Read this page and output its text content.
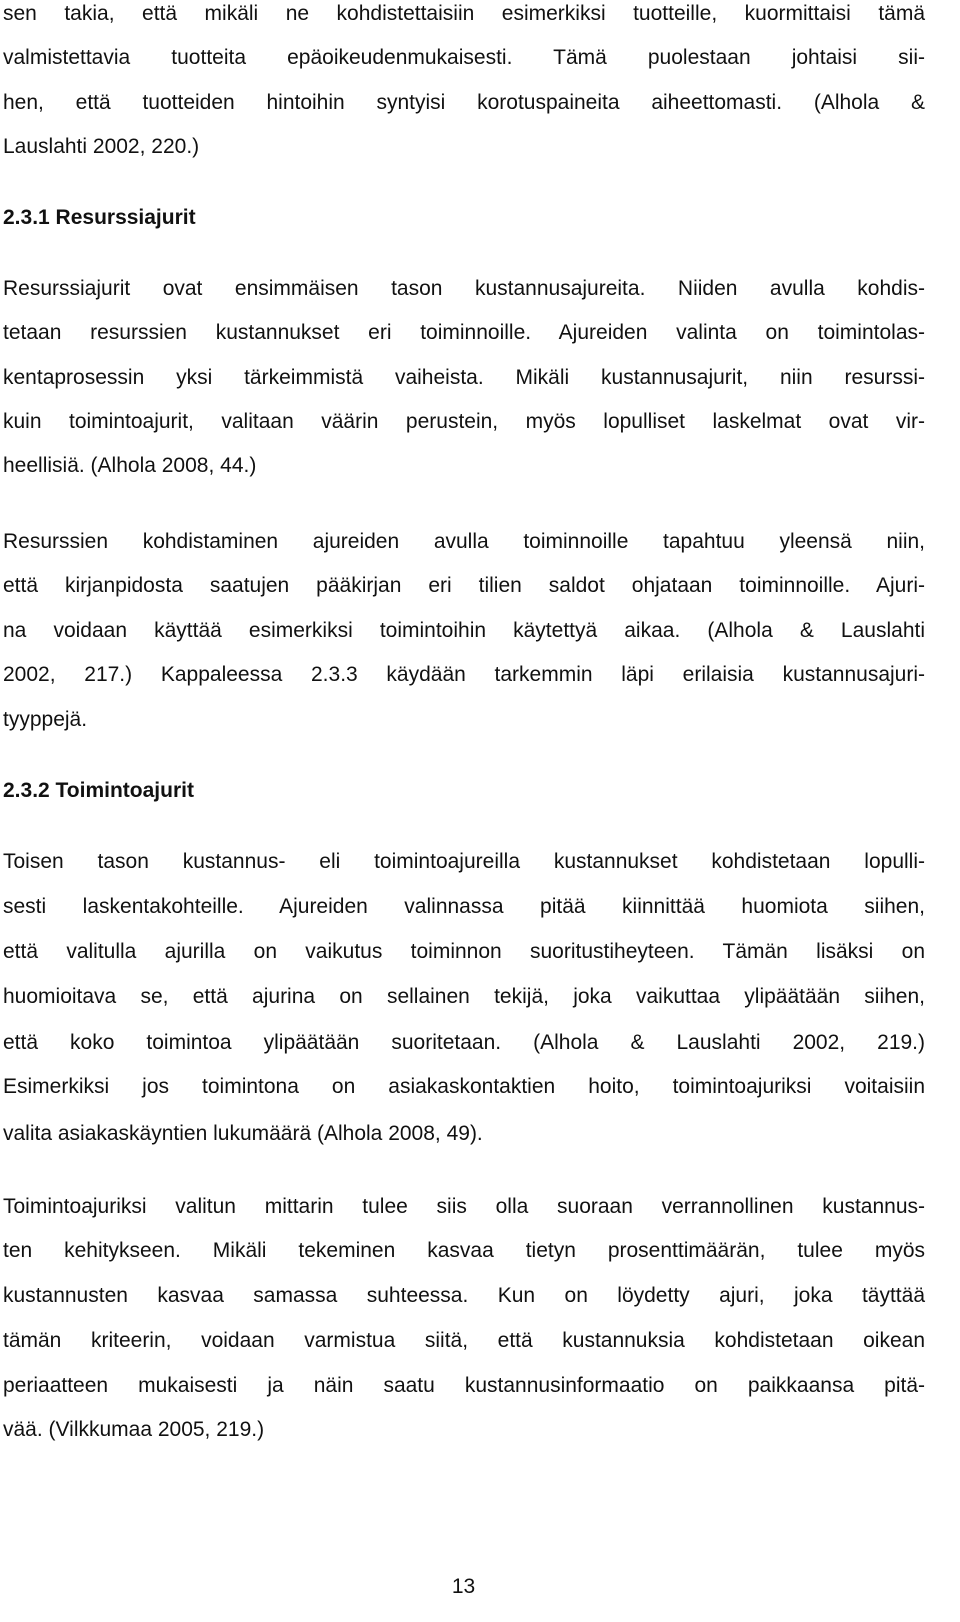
sen takia, että mikäli ne kohdistettaisiin esimerkiksi tuotteille, kuormittaisi tämä
valmistettavia tuotteita epäoikeudenmukaisesti. Tämä puolestaan johtaisi sii-
hen, että tuotteiden hintoihin syntyisi korotuspaineita aiheettomasti. (Alhola &
Lauslahti 2002, 220.)
2.3.1 Resurssiajurit
Resurssiajurit ovat ensimmäisen tason kustannusajureita. Niiden avulla kohdis-
tetaan resurssien kustannukset eri toiminnoille. Ajureiden valinta on toimintolas-
kentaprosessin yksi tärkeimmistä vaiheista. Mikäli kustannusajurit, niin resurssi-
kuin toimintoajurit, valitaan väärin perustein, myös lopulliset laskelmat ovat vir-
heellisiä. (Alhola 2008, 44.)
Resurssien kohdistaminen ajureiden avulla toiminnoille tapahtuu yleensä niin,
että kirjanpidosta saatujen pääkirjan eri tilien saldot ohjataan toiminnoille. Ajuri-
na voidaan käyttää esimerkiksi toimintoihin käytettyä aikaa. (Alhola & Lauslahti
2002, 217.) Kappaleessa 2.3.3 käydään tarkemmin läpi erilaisia kustannusajuri-
tyyppejä.
2.3.2 Toimintoajurit
Toisen tason kustannus- eli toimintoajureilla kustannukset kohdistetaan lopulli-
sesti laskentakohteille. Ajureiden valinnassa pitää kiinnittää huomiota siihen,
että valitulla ajurilla on vaikutus toiminnon suoritustiheyteen. Tämän lisäksi on
huomioitava se, että ajurina on sellainen tekijä, joka vaikuttaa ylipäätään siihen,
että koko toimintoa ylipäätään suoritetaan. (Alhola & Lauslahti 2002, 219.)
Esimerkiksi jos toimintona on asiakaskontaktien hoito, toimintoajuriksi voitaisiin
valita asiakaskäyntien lukumäärä (Alhola 2008, 49).
Toimintoajuriksi valitun mittarin tulee siis olla suoraan verrannollinen kustannus-
ten kehitykseen. Mikäli tekeminen kasvaa tietyn prosenttimäärän, tulee myös
kustannusten kasvaa samassa suhteessa. Kun on löydetty ajuri, joka täyttää
tämän kriteerin, voidaan varmistua siitä, että kustannuksia kohdistetaan oikean
periaatteen mukaisesti ja näin saatu kustannusinformaatio on paikkaansa pitä-
vää. (Vilkkumaa 2005, 219.)
13
